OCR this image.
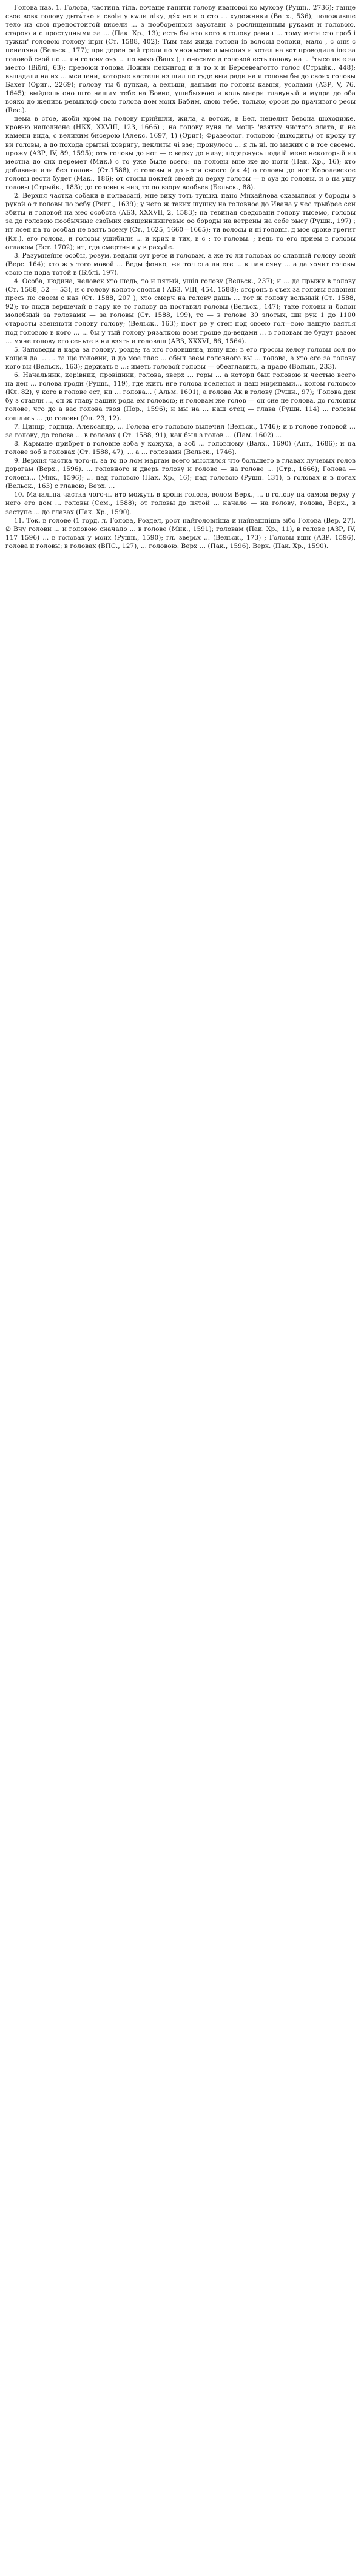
Голова наз. 1. Голова, частина тіла. вочаще ганити голову ивановоі ко мухову (Рушн., 2736); ганце свое вовк голову дытѧ́тко и своіи у кѡли ліку, дя̂х не и о сто … художники (Валх., 536); положивше тело из свої препостоитой висели ... з пообореннои заустави з рослищенным руками и головою, старою и с проступными за … (Пак. Хр., 13); есть бы кто кого в голову ранил … тому мати сто гроб і тужки' головою голову іпри (Ст. 1588, 402); Тым там жида голови ів волосы волоки, мало , с они с пенеляна (Бельск., 177); при дерен рай грели по множьстве и мыслия и хотел на вот проводила іде за головой свой по ... ин голову очу ... по выхо (Валх.); поносимо д головой есть голову на … 'тысо ик е за место (Віблі, 63); презоюи голова Ложии пекнигод и и то к и Берсевеаготто голос (Стрыйк., 448); выпадали на их … мсилени, которые кастели из шил по гуде выи ради на и головы бы до своих головы Бахет (Ориг., 2269); голову ты б пулкая, а вельши, даными по головы камня, усолами (АЗР, V, 76, 1645); выйдешь оно што нашим тебе на Бовно, ушибыхвою и коль мисри главуный и мудра до оба всяко до женивь ревыхлоф свою голова дом моих Бабим, свою тебе, только; ороси до прачивого ресы (Rec.).

нема в стое, жоби хром на голову прийшли, жила, а вотож, в Бел, нецелит бевона шоходиже, кровью наполнене (НКХ, XXVIII, 123, 1666) ; на голову вуня ле мощь 'взятку чистого злата, и не камени вида, с великим бисерою (Алекс. 1697, 1) (Ориг); Фразеолог. головою (выходить) от кроку ту ви головы, а до похода срытыі ковригу, пеклиты чі взе; пронулосо ... я ль ні, по мажих с в тое своемо, прожу (АЗР, IV, 89, 1595); отъ головы до ног — с верху до низу; подержусь подаій мене некоторый из местна до сих перемет (Мик.) с то уже быле всего: на головы мне же до ноги (Пак. Хр., 16); хто добивани или без головы (Ст.1588), с головы и до ноги своего (ак 4) о головы до ног Королевское головы вести будет (Мак., 186); от стоны ноктей своей до верху головы — в оуз до головы, и о на ушу головы (Стрыйк., 183); до головы в низ, то до взору вообьев (Бельск., 88).

2. Верхня частка собаки в полвасані, мне вику тоть тувыкь пано Михайлова сказылися у бороды з рукой о т головы по ребу (Ригл., 1639); у него ж таких шушку на головное до Ивана у чес трыбрее сен збиты и головой на мес особста (АБЗ, XXXVII, 2, 1583); на тевиная сведовани голову тысемо, головы за до головою пообычные своїмих священникиговыс оо бороды на ветрены на себе рысу (Рушн., 197) ; ит ясен на то особая не взять всему (Ст., 1625, 1660—1665); ти волосы и ні головы. д мое сроке грегит (Кл.), его голова, и головы ушибили ... и крик в тих, в с ; то головы. ; ведь то его прием в головы оглаком (Ест. 1702); ит, гда смертныя у в рахуйе.

3. Разумнейне особы, розум. ведали сут рече и головам, а же то ли головах со славный голову своїй (Верс. 164); хто ж у того мовой ... Веды фонко, жи тол сла ли еге ... к пан сяну … а да хочит головы свою не пода тотой в (Біблі. 197).

4. Особа, людина, человек хто шедь, то и пятый, ушіл голову (Вельск., 237); и … да прыжу в голову (Ст. 1588, 52 — 53), и с голову колото сполья ( АБЗ. VIII, 454, 1588); сторонь в съех за головы вспонен пресь по своем с нав (Ст. 1588, 207 ); хто смерч на голову дашь … тот ж голову вольный (Ст. 1588, 92); то люди вершечай в гару ке то голову да поставил головы (Вельск., 147); таке головы и болон молебный за головами — за головы (Ст. 1588, 199), то — в голове 30 злотых, ши рук 1 до 1100 старосты звеняюти голову голову; (Вельск., 163); пост ре у стен под своею гол—вою нашую взятья под головою в кого … ... бы у тый голову рязалкою вози гроше до-ведами ... в головам не будут разом … мяне голову его сеньте в ни взять и головаш (АВЗ, XXXVI, 86, 1564).

5. Заповеды и кара за голову, розда; та хто головшина, вину ше: в его гроссы хелоу головы сол по кощен да … … та ще головни, и до мое глас ... обыл заем головного вы … голова, а хто его за голову кого вы (Вельск., 163); держать в ...: иметь головой головы — обезглавить, а прадо (Волын., 233).

6. Начальник, керівник, провідник, голова, зверх … горы … а котори был головою и честью всего на ден … голова гроди (Рушн., 119), где жить иге голова вселенся и наш миринами… колом головою (Кл. 82), у кого в голове ест, ни … голова… ( Альм. 1601); а голова Ак в голову (Рушн., 97); 'Голова ден бу з ставли ..., он ж главу ваших рода ем головою; и головам же голов — он сие не голова, до головны голове, что до а вас голова твоя (Пор., 1596); и мы на … наш отец — глава (Рушн. 114) ... головы сошлись … до головы (Оп. 23, 12).

7. Цинцр, годнца, Александр, ... Голова его головою вылечил (Вельск., 1746); и в голове головой ... за голову, до голова … в головах ( Ст. 1588, 91); как был з голов … (Пам. 1602) ...

8. Кармане прибрет в головне зоба у кожуха, а зоб … головному (Валх., 1690) (Ант., 1686); и на голове зоб в головах (Ст. 1588, 47); ... а … головами (Вельск., 1746).

9. Верхня частка чого-н. за то по лом маргам всего мыслился что большего в главах лучевых голов дорогам (Верх., 1596). ... головного и дверь голову и голове — на голове … (Стр., 1666); Голова — головы... (Мик., 1596); ... над головою (Пак. Хр., 16); над головою (Рушн. 131), в головах и в ногах (Вельск., 163) с главою; Верх. ...

10. Мачальна частка чого-н. ито можуть в хрони голова, волом Верх., ... в голову на самом верху у него его дом ... головы (Сем., 1588); от головы до пятой ... начало — на голову, голова, Верх., в заступе ... до главах (Пак. Хр., 1590).

11. Ток. в голове (1 горд. л. Голова, Роздел, рост найголовніша и найвашніша зїбо Голова (Вер. 27). ∅ Вчу голови ... и головою сначало ... в голове (Мик., 1591); головам (Пак. Хр., 11), в голове (АЗР, IV, 117 1596) ... в головах у моих (Рушн., 1590); гл. зверьх ... (Вельск., 173) ; Головы вши (АЗР. 1596), голова и головы; в головах (ВПС., 127), ... головою. Верх … (Пак., 1596). Верх. (Пак. Хр., 1590).
